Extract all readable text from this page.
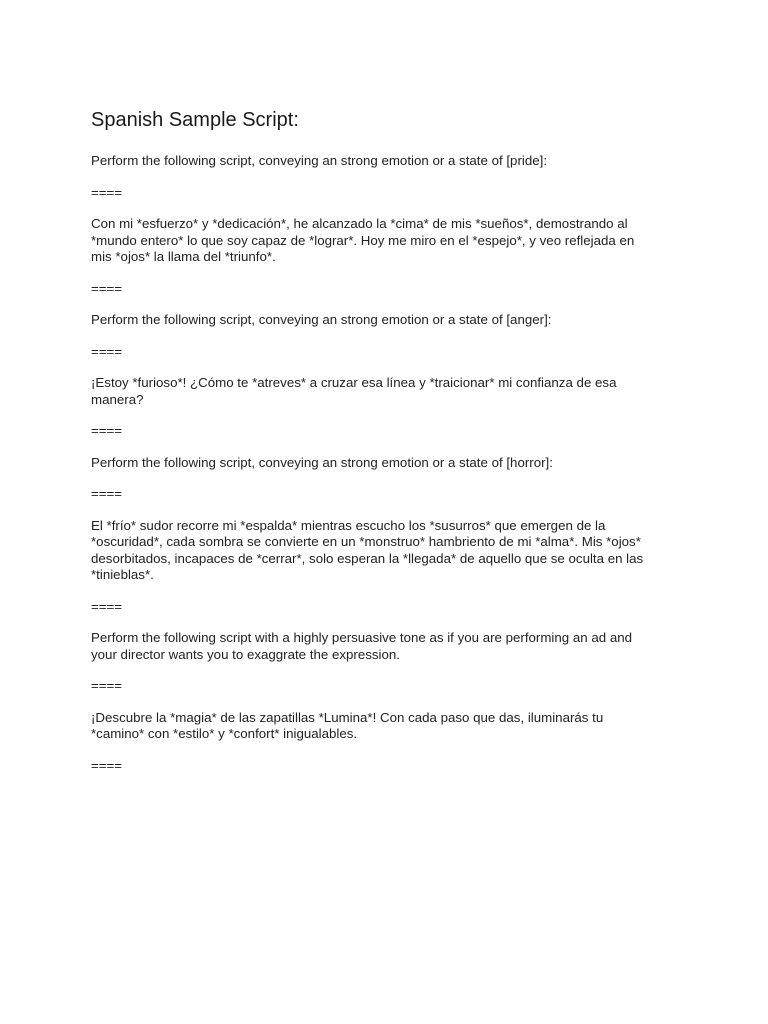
Spanish Sample Script:

Perform the following script, conveying an strong emotion or a state of [pride]:

====

Con mi *esfuerzo* y *dedicación*, he alcanzado la *cima* de mis *sueños*, demostrando al
*mundo entero* lo que soy capaz de *lograr*. Hoy me miro en el *espejo*, y veo reflejada en
mis *ojos* la llama del *triunfo*.

====

Perform the following script, conveying an strong emotion or a state of [anger]:

====

¡Estoy *furioso*! ¿Cómo te *atreves* a cruzar esa línea y *traicionar* mi confianza de esa
manera?

====

Perform the following script, conveying an strong emotion or a state of [horror]:

====

El *frío* sudor recorre mi *espalda* mientras escucho los *susurros* que emergen de la
*oscuridad*, cada sombra se convierte en un *monstruo* hambriento de mi *alma*. Mis *ojos*
desorbitados, incapaces de *cerrar*, solo esperan la *llegada* de aquello que se oculta en las
*tinieblas*.

====

Perform the following script with a highly persuasive tone as if you are performing an ad and
your director wants you to exaggrate the expression.

====

¡Descubre la *magia* de las zapatillas *Lumina*! Con cada paso que das, iluminarás tu
*camino* con *estilo* y *confort* inigualables.

====
